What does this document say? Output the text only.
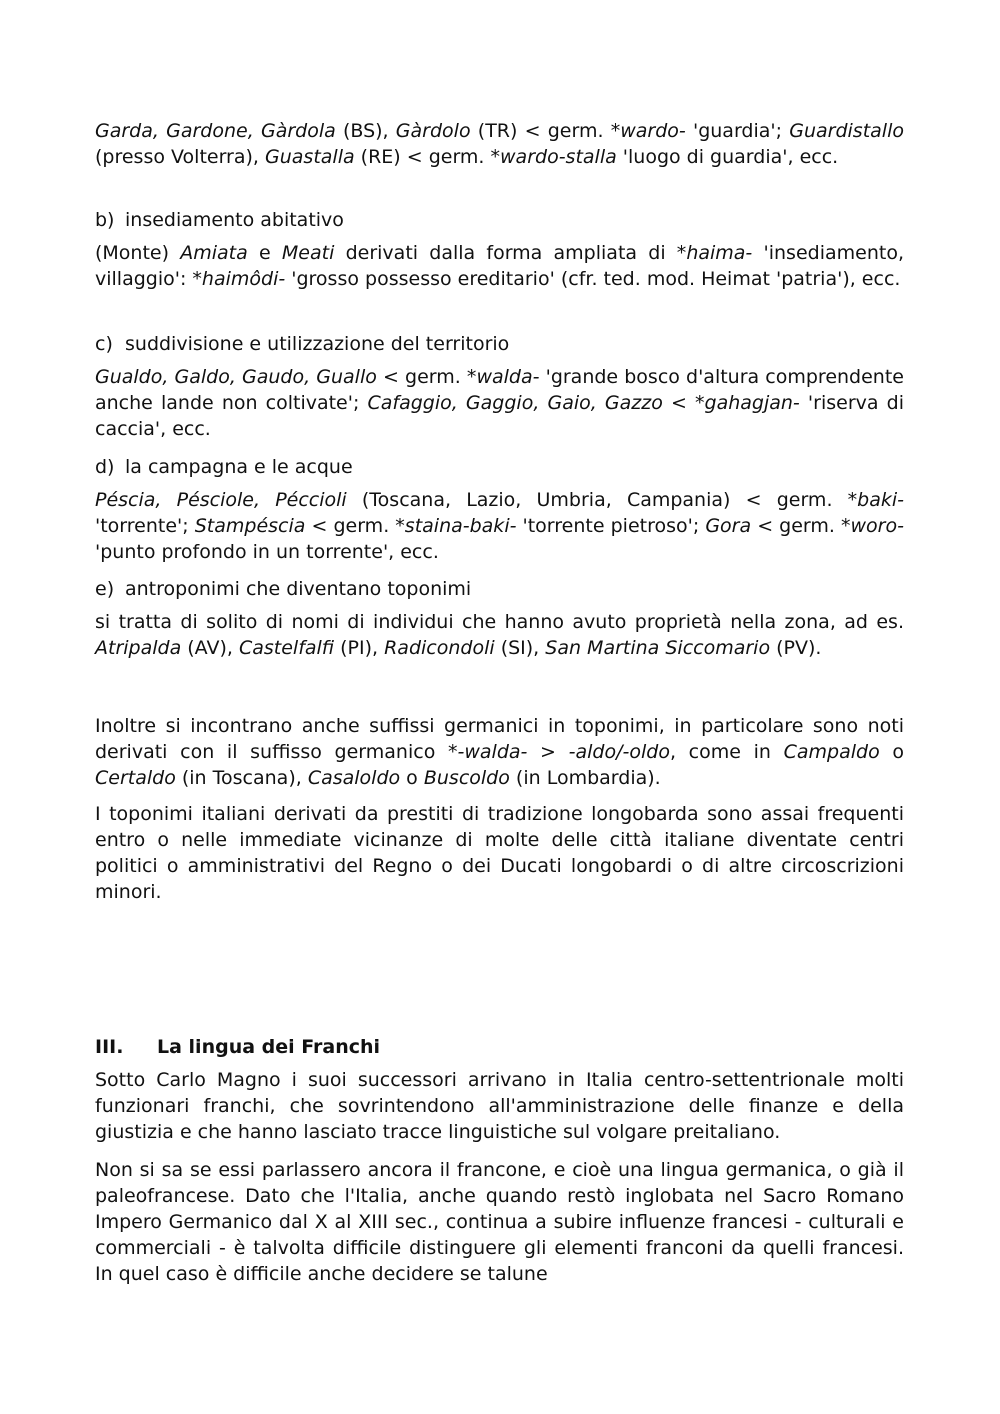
Garda, Gardone, Gàrdola (BS), Gàrdolo (TR) < germ. *wardo- 'guardia'; Guardistallo (presso Volterra), Guastalla (RE) < germ. *wardo-stalla 'luogo di guardia', ecc.

b) insediamento abitativo

(Monte) Amiata e Meati derivati dalla forma ampliata di *haima- 'insediamento, villaggio': *haimôdi- 'grosso possesso ereditario' (cfr. ted. mod. Heimat 'patria'), ecc.

c) suddivisione e utilizzazione del territorio

Gualdo, Galdo, Gaudo, Guallo < germ. *walda- 'grande bosco d'altura comprendente anche lande non coltivate'; Cafaggio, Gaggio, Gaio, Gazzo < *gahagjan- 'riserva di caccia', ecc.

d) la campagna e le acque

Péscia, Pésciole, Péccioli (Toscana, Lazio, Umbria, Campania) < germ. *baki- 'torrente'; Stampéscia < germ. *staina-baki- 'torrente pietroso'; Gora < germ. *woro- 'punto profondo in un torrente', ecc.

e) antroponimi che diventano toponimi

si tratta di solito di nomi di individui che hanno avuto proprietà nella zona, ad es. Atripalda (AV), Castelfalfi (PI), Radicondoli (SI), San Martina Siccomario (PV).

Inoltre si incontrano anche suffissi germanici in toponimi, in particolare sono noti derivati con il suffisso germanico *-walda- > -aldo/-oldo, come in Campaldo o Certaldo (in Toscana), Casaloldo o Buscoldo (in Lombardia).

I toponimi italiani derivati da prestiti di tradizione longobarda sono assai frequenti entro o nelle immediate vicinanze di molte delle città italiane diventate centri politici o amministrativi del Regno o dei Ducati longobardi o di altre circoscrizioni minori.

III. La lingua dei Franchi

Sotto Carlo Magno i suoi successori arrivano in Italia centro-settentrionale molti funzionari franchi, che sovrintendono all'amministrazione delle finanze e della giustizia e che hanno lasciato tracce linguistiche sul volgare preitaliano.

Non si sa se essi parlassero ancora il francone, e cioè una lingua germanica, o già il paleofrancese. Dato che l'Italia, anche quando restò inglobata nel Sacro Romano Impero Germanico dal X al XIII sec., continua a subire influenze francesi - culturali e commerciali - è talvolta difficile distinguere gli elementi franconi da quelli francesi. In quel caso è difficile anche decidere se talune
